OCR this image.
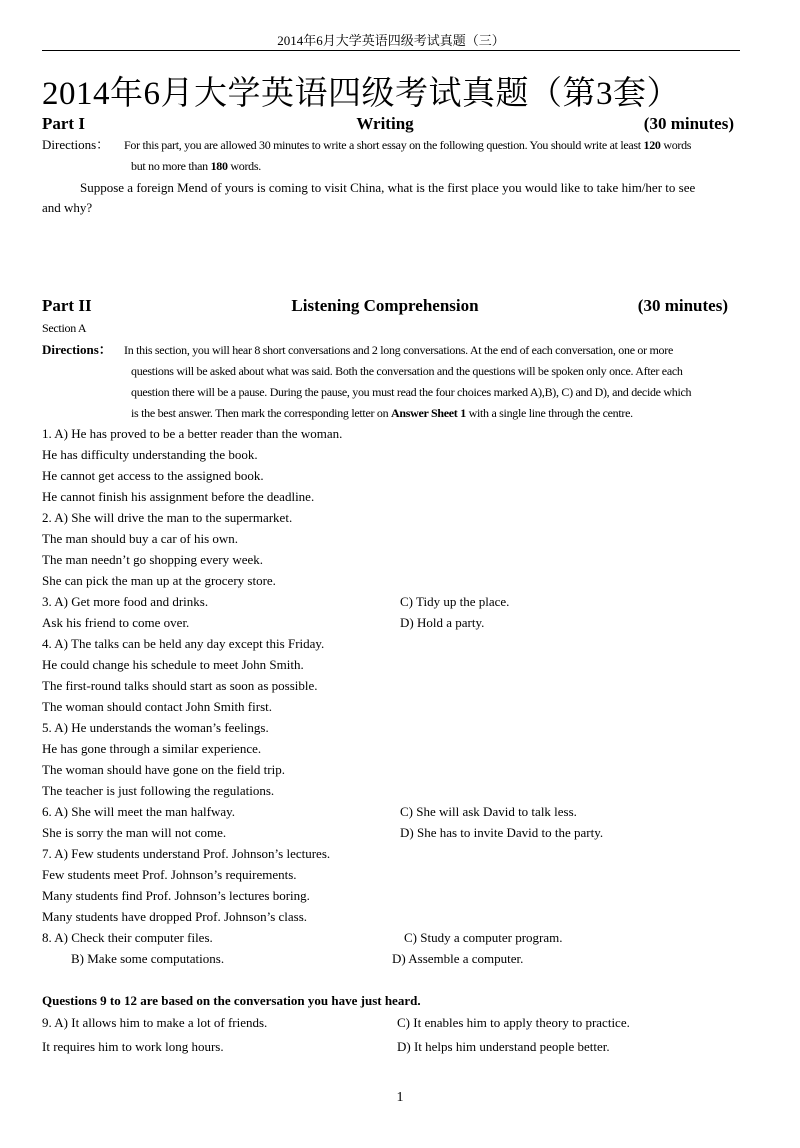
2014年6月大学英语四级考试真题（三）
2014年6月大学英语四级考试真题（第3套）
Writing
Part I	(30 minutes)
Directions： For this part, you are allowed 30 minutes to write a short essay on the following question. You should write at least 120 words
but no more than 180 words.
Suppose a foreign Mend of yours is coming to visit China, what is the first place you would like to take him/her to see
and why?
Listening Comprehension
Part II	(30 minutes)
Section A
Directions： In this section, you will hear 8 short conversations and 2 long conversations. At the end of each conversation, one or more
questions will be asked about what was said. Both the conversation and the questions will be spoken only once. After each
question there will be a pause. During the pause, you must read the four choices marked A),B), C) and D), and decide which
is the best answer. Then mark the corresponding letter on Answer Sheet 1 with a single line through the centre.
1. A) He has proved to be a better reader than the woman.
He has difficulty understanding the book.
He cannot get access to the assigned book.
He cannot finish his assignment before the deadline.
2. A) She will drive the man to the supermarket.
The man should buy a car of his own.
The man needn’t go shopping every week.
She can pick the man up at the grocery store.
3. A) Get more food and drinks.	C) Tidy up the place.
Ask his friend to come over.	D) Hold a party.
4. A) The talks can be held any day except this Friday.
He could change his schedule to meet John Smith.
The first-round talks should start as soon as possible.
The woman should contact John Smith first.
5. A) He understands the woman’s feelings.
He has gone through a similar experience.
The woman should have gone on the field trip.
The teacher is just following the regulations.
6. A) She will meet the man halfway.	C) She will ask David to talk less.
She is sorry the man will not come.	D) She has to invite David to the party.
7. A) Few students understand Prof. Johnson’s lectures.
Few students meet Prof. Johnson’s requirements.
Many students find Prof. Johnson’s lectures boring.
Many students have dropped Prof. Johnson’s class.
8. A) Check their computer files.	C) Study a computer program.
B) Make some computations.	D) Assemble a computer.
Questions 9 to 12 are based on the conversation you have just heard.
9. A) It allows him to make a lot of friends.	C) It enables him to apply theory to practice.
It requires him to work long hours.	D) It helps him understand people better.
1
